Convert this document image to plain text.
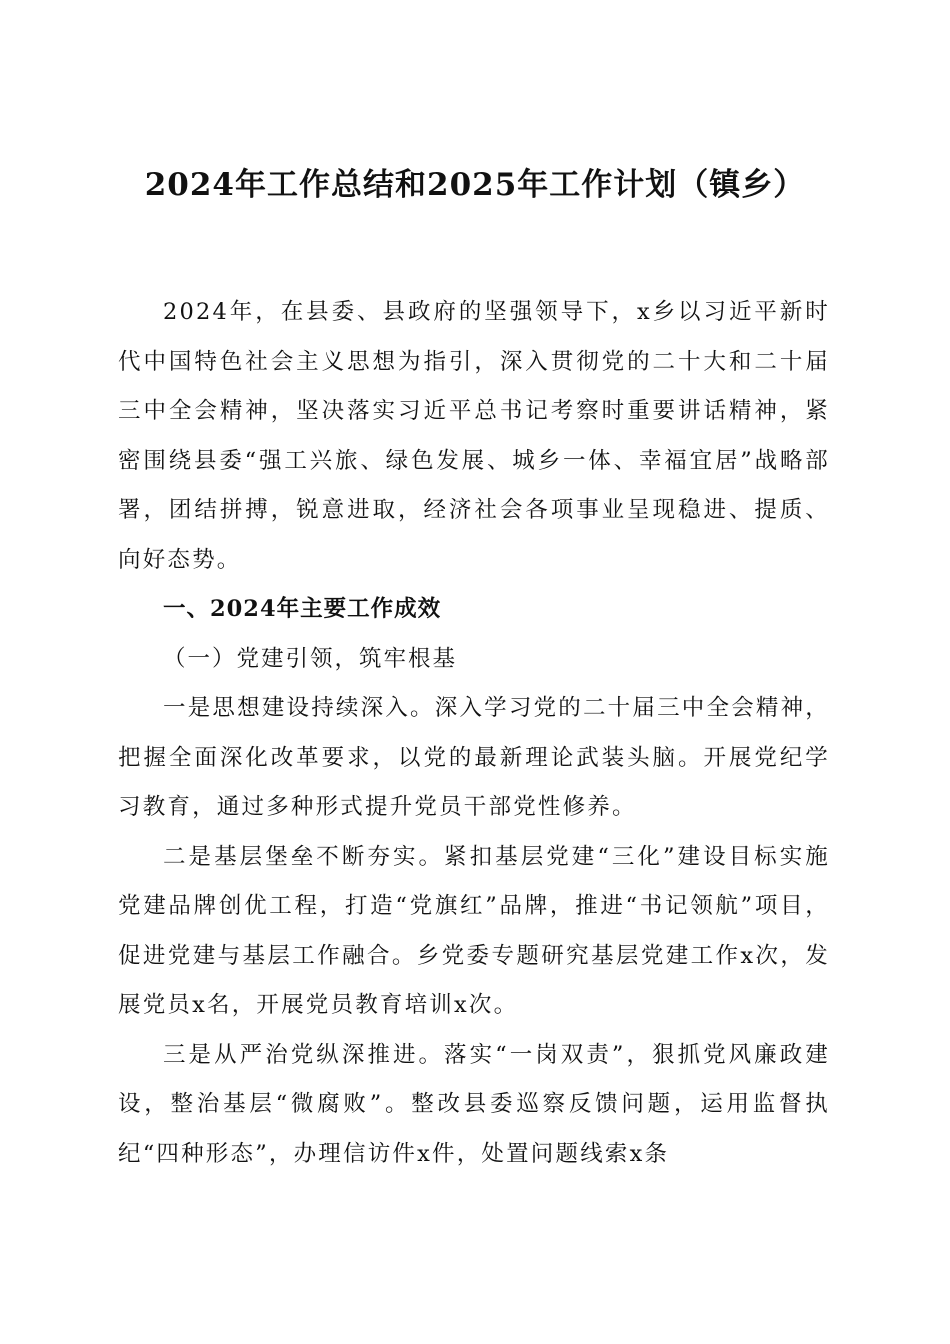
2024年工作总结和2025年工作计划（镇乡）

2024年，在县委、县政府的坚强领导下，x乡以习近平新时代中国特色社会主义思想为指引，深入贯彻党的二十大和二十届三中全会精神，坚决落实习近平总书记考察时重要讲话精神，紧密围绕县委“强工兴旅、绿色发展、城乡一体、幸福宜居”战略部署，团结拼搏，锐意进取，经济社会各项事业呈现稳进、提质、向好态势。

一、2024年主要工作成效

（一）党建引领，筑牢根基

一是思想建设持续深入。深入学习党的二十届三中全会精神，把握全面深化改革要求，以党的最新理论武装头脑。开展党纪学习教育，通过多种形式提升党员干部党性修养。

二是基层堡垒不断夯实。紧扣基层党建“三化”建设目标实施党建品牌创优工程，打造“党旗红”品牌，推进“书记领航”项目，促进党建与基层工作融合。乡党委专题研究基层党建工作x次，发展党员x名，开展党员教育培训x次。

三是从严治党纵深推进。落实“一岗双责”，狠抓党风廉政建设，整治基层“微腐败”。整改县委巡察反馈问题，运用监督执纪“四种形态”，办理信访件x件，处置问题线索x条
